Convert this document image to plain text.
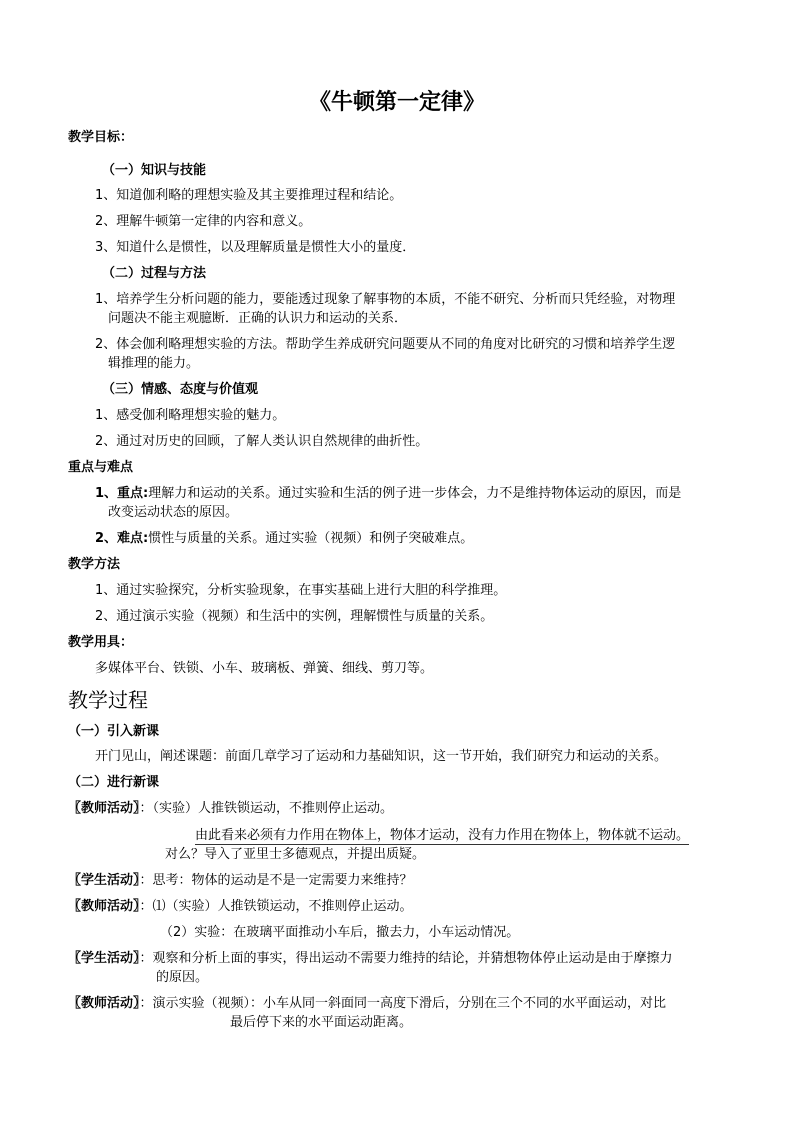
《牛顿第一定律》
教学目标：
（一）知识与技能
1、知道伽利略的理想实验及其主要推理过程和结论。
2、理解牛顿第一定律的内容和意义。
3、知道什么是惯性，以及理解质量是惯性大小的量度．
（二）过程与方法
1、培养学生分析问题的能力，要能透过现象了解事物的本质，不能不研究、分析而只凭经验，对物理
问题决不能主观臆断．正确的认识力和运动的关系．
2、体会伽利略理想实验的方法。帮助学生养成研究问题要从不同的角度对比研究的习惯和培养学生逻
辑推理的能力。
（三）情感、态度与价值观
1、感受伽利略理想实验的魅力。
2、通过对历史的回顾，了解人类认识自然规律的曲折性。
重点与难点
1、重点:理解力和运动的关系。通过实验和生活的例子进一步体会，力不是维持物体运动的原因，而是
改变运动状态的原因。
2、难点:惯性与质量的关系。通过实验（视频）和例子突破难点。
教学方法
1、通过实验探究，分析实验现象，在事实基础上进行大胆的科学推理。
2、通过演示实验（视频）和生活中的实例，理解惯性与质量的关系。
教学用具：
多媒体平台、铁锁、小车、玻璃板、弹簧、细线、剪刀等。
教学过程
（一）引入新课
开门见山，阐述课题：前面几章学习了运动和力基础知识，这一节开始，我们研究力和运动的关系。
（二）进行新课
〖教师活动〗：（实验）人推铁锁运动，不推则停止运动。
由此看来必须有力作用在物体上，物体才运动，没有力作用在物体上，物体就不运动。
对么？导入了亚里士多德观点，并提出质疑。
〖学生活动〗：思考：物体的运动是不是一定需要力来维持？
〖教师活动〗：⑴（实验）人推铁锁运动，不推则停止运动。
（2）实验：在玻璃平面推动小车后，撤去力，小车运动情况。
〖学生活动〗：观察和分析上面的事实，得出运动不需要力维持的结论，并猜想物体停止运动是由于摩擦力
的原因。
〖教师活动〗：演示实验（视频）：小车从同一斜面同一高度下滑后，分别在三个不同的水平面运动，对比
最后停下来的水平面运动距离。
